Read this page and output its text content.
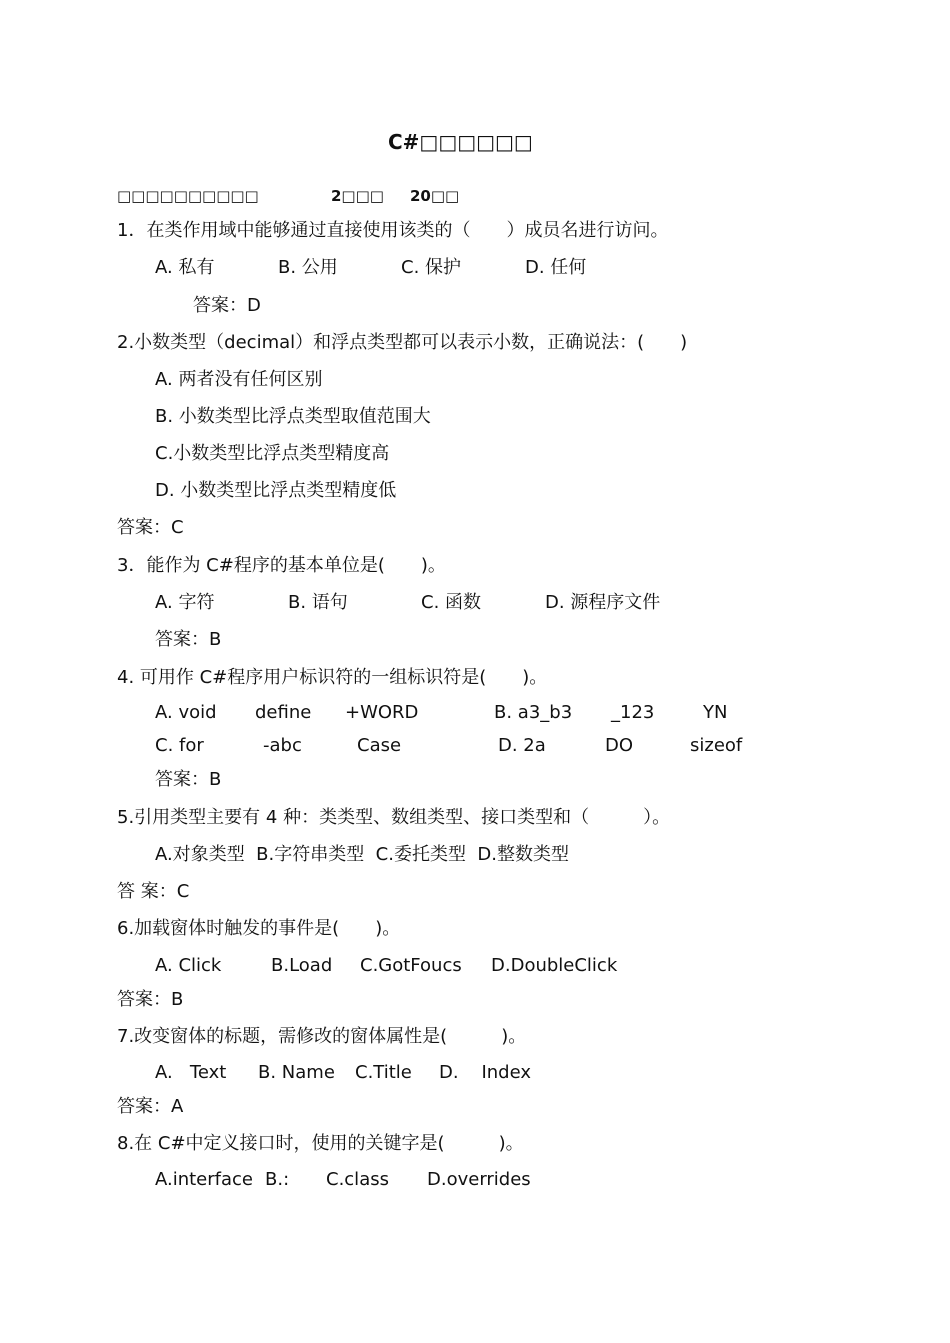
C#□□□□□□
□□□□□□□□□□	2□□□ 20□□
1．在类作用域中能够通过直接使用该类的（　　）成员名进行访问。
A. 私有	B. 公用	C. 保护	D. 任何
答案：D
2.小数类型（decimal）和浮点类型都可以表示小数，正确说法：(　　)
A. 两者没有任何区别
B. 小数类型比浮点类型取值范围大
C.小数类型比浮点类型精度高
D. 小数类型比浮点类型精度低
答案：C
3．能作为 C#程序的基本单位是(　　)。
A. 字符	B. 语句	C. 函数	D. 源程序文件
答案：B
4. 可用作 C#程序用户标识符的一组标识符是(　　)。
A. void define +WORD	B. a3_b3 _123	YN
C. for	-abc	Case	D. 2a	DO	sizeof
答案：B
5.引用类型主要有 4 种：类类型、数组类型、接口类型和（　　　）。
A.对象类型  B.字符串类型  C.委托类型  D.整数类型
答 案：C
6.加载窗体时触发的事件是(　　)。
A. Click	B.Load C.GotFoucs D.DoubleClick
答案：B
7.改变窗体的标题，需修改的窗体属性是(　　　)。
A.   Text B. Name C.Title D.    Index
答案：A
8.在 C#中定义接口时，使用的关键字是(　　　)。
A.interface B.: C.class D.overrides
